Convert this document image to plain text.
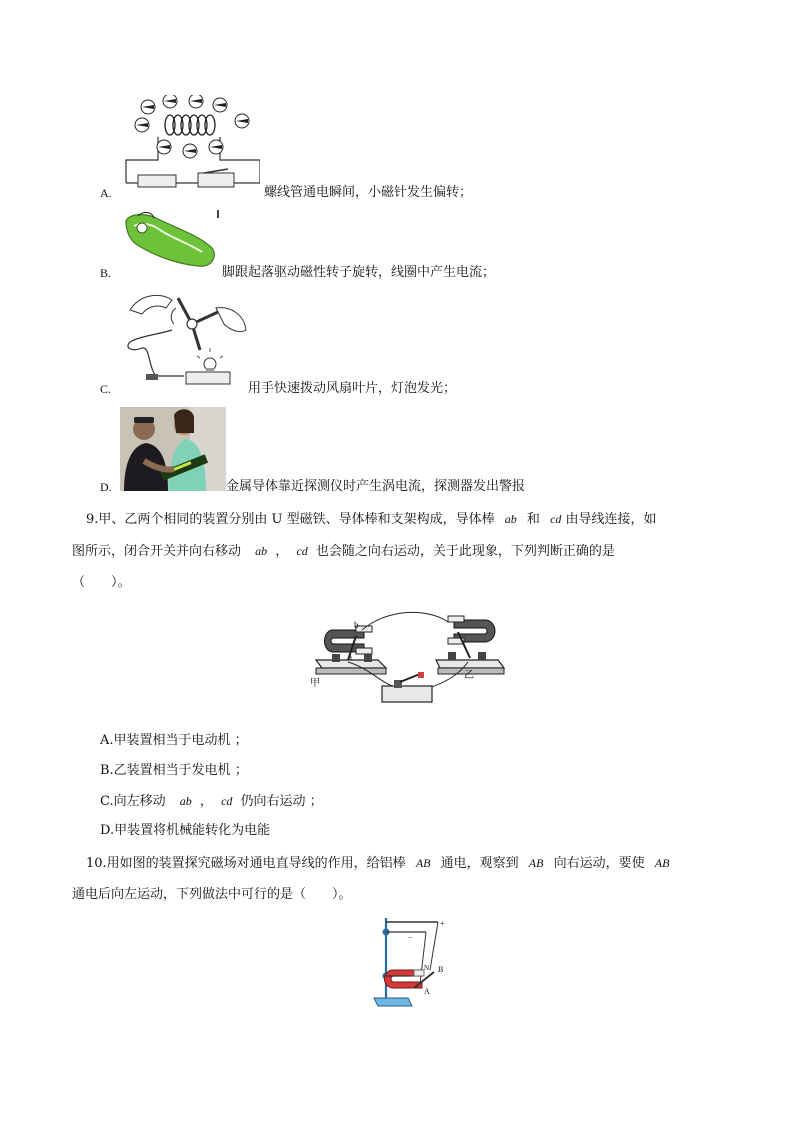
A.	螺线管通电瞬间，小磁针发生偏转；
B.	脚跟起落驱动磁性转子旋转，线圈中产生电流；
C.	用手快速拨动风扇叶片，灯泡发光；
D.	金属导体靠近探测仪时产生涡电流，探测器发出警报
9.甲、乙两个相同的装置分别由 U 型磁铁、导体棒和支架构成，导体棒 ab 和 cd 由导线连接，如
图所示，闭合开关并向右移动 ab ， cd 也会随之向右运动，关于此现象，下列判断正确的是
（　　）。
a
b
甲
乙
A.甲装置相当于电动机 ；
B.乙装置相当于发电机 ；
C.向左移动 ab ， cd 仍向右运动 ；
D.甲装置将机械能转化为电能
10.用如图的装置探究磁场对通电直导线的作用，给铝棒 AB 通电，观察到 AB 向右运动，要使 AB
通电后向左运动，下列做法中可行的是（　　）。
+
−
N B
A
